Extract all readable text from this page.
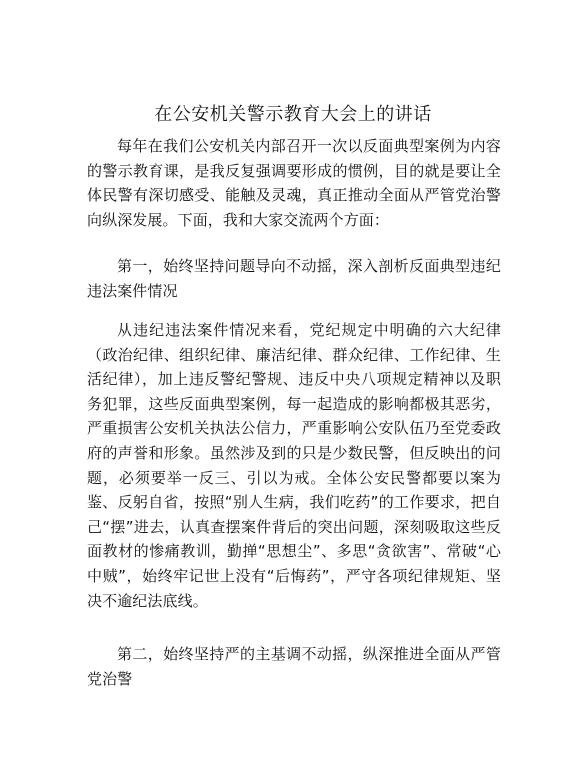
在公安机关警示教育大会上的讲话

每年在我们公安机关内部召开一次以反面典型案例为内容的警示教育课，是我反复强调要形成的惯例，目的就是要让全体民警有深切感受、能触及灵魂，真正推动全面从严管党治警向纵深发展。下面，我和大家交流两个方面：

第一，始终坚持问题导向不动摇，深入剖析反面典型违纪违法案件情况

从违纪违法案件情况来看，党纪规定中明确的六大纪律（政治纪律、组织纪律、廉洁纪律、群众纪律、工作纪律、生活纪律），加上违反警纪警规、违反中央八项规定精神以及职务犯罪，这些反面典型案例，每一起造成的影响都极其恶劣，严重损害公安机关执法公信力，严重影响公安队伍乃至党委政府的声誉和形象。虽然涉及到的只是少数民警，但反映出的问题，必须要举一反三、引以为戒。全体公安民警都要以案为鉴、反躬自省，按照“别人生病，我们吃药”的工作要求，把自己“摆”进去，认真查摆案件背后的突出问题，深刻吸取这些反面教材的惨痛教训，勤掸“思想尘”、多思“贪欲害”、常破“心中贼”，始终牢记世上没有“后悔药”，严守各项纪律规矩、坚决不逾纪法底线。

第二，始终坚持严的主基调不动摇，纵深推进全面从严管党治警
